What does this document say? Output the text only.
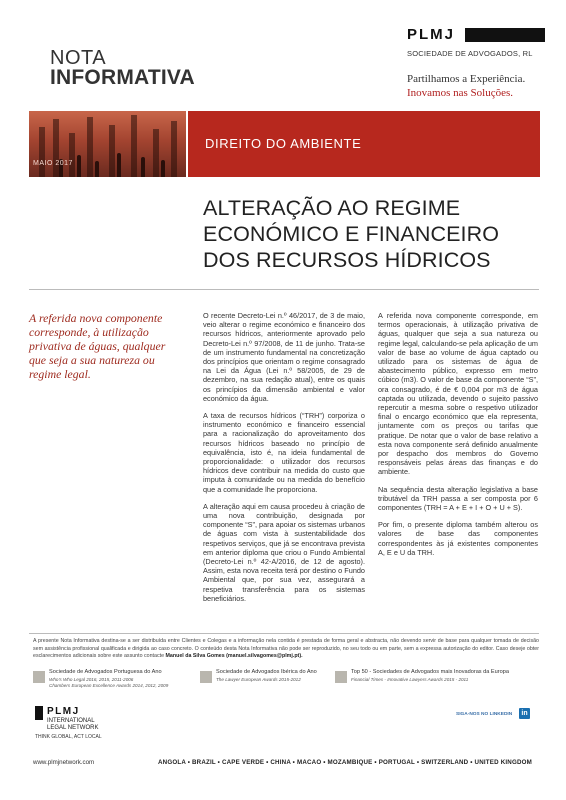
NOTA
INFORMATIVA
PLMJ
SOCIEDADE DE ADVOGADOS, RL
Partilhamos a Experiência.
Inovamos nas Soluções.
MAIO 2017
DIREITO DO AMBIENTE
ALTERAÇÃO AO REGIME
ECONÓMICO E FINANCEIRO
DOS RECURSOS HÍDRICOS
A referida nova componente corresponde, à utilização privativa de águas, qualquer que seja a sua natureza ou regime legal.

O recente Decreto-Lei n.º 46/2017, de 3 de maio, veio alterar o regime económico e financeiro dos recursos hídricos, anteriormente aprovado pelo Decreto-Lei n.º 97/2008, de 11 de junho. Trata-se de um instrumento fundamental na concretização dos princípios que orientam o regime consagrado na Lei da Água (Lei n.º 58/2005, de 29 de dezembro, na sua redação atual), entre os quais os princípios da dimensão ambiental e valor económico da água.

A taxa de recursos hídricos (“TRH”) corporiza o instrumento económico e financeiro essencial para a racionalização do aproveitamento dos recursos hídricos baseado no princípio de equivalência, isto é, na ideia fundamental de proporcionalidade: o utilizador dos recursos hídricos deve contribuir na medida do custo que imputa à comunidade ou na medida do benefício que a comunidade lhe proporciona.

A alteração aqui em causa procedeu à criação de uma nova contribuição, designada por componente “S”, para apoiar os sistemas urbanos de águas com vista à sustentabilidade dos respetivos serviços, que já se encontrava prevista em anterior diploma que criou o Fundo Ambiental (Decreto-Lei n.º 42-A/2016, de 12 de agosto). Assim, esta nova receita terá por destino o Fundo Ambiental que, por sua vez, assegurará a respetiva transferência para os sistemas beneficiários.

A referida nova componente corresponde, em termos operacionais, à utilização privativa de águas, qualquer que seja a sua natureza ou regime legal, calculando-se pela aplicação de um valor de base ao volume de água captado ou utilizado para os sistemas de água de abastecimento público, expresso em metro cúbico (m3). O valor de base da componente “S”, ora consagrado, é de € 0,004 por m3 de água captada ou utilizada, devendo o sujeito passivo repercutir a mesma sobre o respetivo utilizador final o encargo económico que ela representa, juntamente com os preços ou tarifas que pratique. De notar que o valor de base relativo a esta nova componente será definido anualmente por despacho dos membros do Governo responsáveis pelas áreas das finanças e do ambiente.

Na sequência desta alteração legislativa a base tributável da TRH passa a ser composta por 6 componentes (TRH = A + E + I + O + U + S).

Por fim, o presente diploma também alterou os valores de base das componentes correspondentes às já existentes componentes A, E e U da TRH.

A presente Nota Informativa destina-se a ser distribuída entre Clientes e Colegas e a informação nela contida é prestada de forma geral e abstracta, não devendo servir de base para qualquer tomada de decisão sem assistência profissional qualificada e dirigida ao caso concreto. O conteúdo desta Nota Informativa não pode ser reproduzido, no seu todo ou em parte, sem a expressa autorização do editor. Caso deseje obter esclarecimentos adicionais sobre este assunto contacte Manuel da Silva Gomes (manuel.silvagomes@plmj.pt).
Sociedade de Advogados Portuguesa do Ano
Who’s Who Legal 2016, 2015, 2011-2006
Chambers European Excellence Awards 2014, 2012, 2009
Sociedade de Advogados Ibérica do Ano
The Lawyer European Awards 2015-2012
Top 50 - Sociedades de Advogados mais Inovadoras da Europa
Financial Times - Innovative Lawyers Awards 2015 - 2011
PLMJ
INTERNATIONAL
LEGAL NETWORK
THINK GLOBAL, ACT LOCAL
SIGA-NOS NO LINKEDIN	in
www.plmjnetwork.com	ANGOLA • BRAZIL • CAPE VERDE • CHINA • MACAO • MOZAMBIQUE • PORTUGAL • SWITZERLAND • UNITED KINGDOM
